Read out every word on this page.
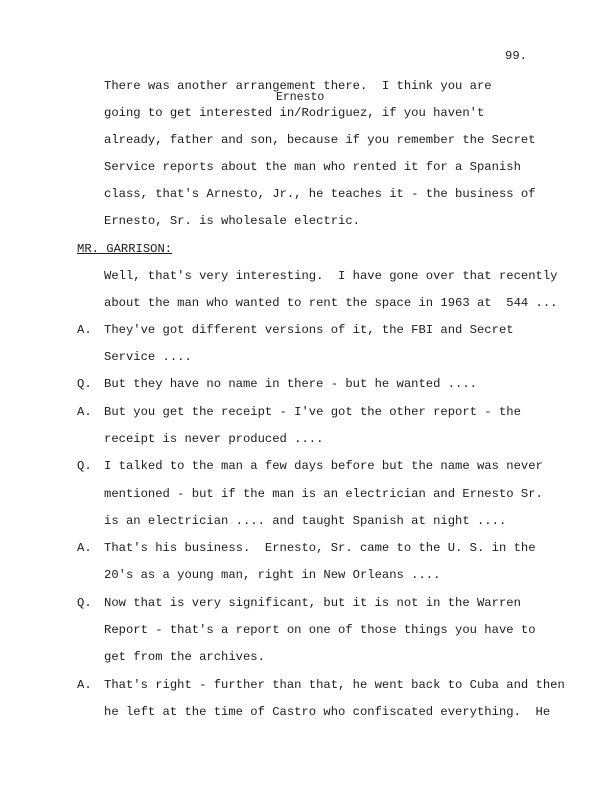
99.
Ernesto
There was another arrangement there.  I think you are
going to get interested in/Rodriguez, if you haven't
already, father and son, because if you remember the Secret
Service reports about the man who rented it for a Spanish
class, that's Arnesto, Jr., he teaches it - the business of
Ernesto, Sr. is wholesale electric.
MR. GARRISON:
Well, that's very interesting.  I have gone over that recently
about the man who wanted to rent the space in 1963 at  544 ...
A. They've got different versions of it, the FBI and Secret
Service ....
Q. But they have no name in there - but he wanted ....
A. But you get the receipt - I've got the other report - the
receipt is never produced ....
Q. I talked to the man a few days before but the name was never
mentioned - but if the man is an electrician and Ernesto Sr.
is an electrician .... and taught Spanish at night ....
A. That's his business.  Ernesto, Sr. came to the U. S. in the
20's as a young man, right in New Orleans ....
Q. Now that is very significant, but it is not in the Warren
Report - that's a report on one of those things you have to
get from the archives.
A. That's right - further than that, he went back to Cuba and then
he left at the time of Castro who confiscated everything.  He
